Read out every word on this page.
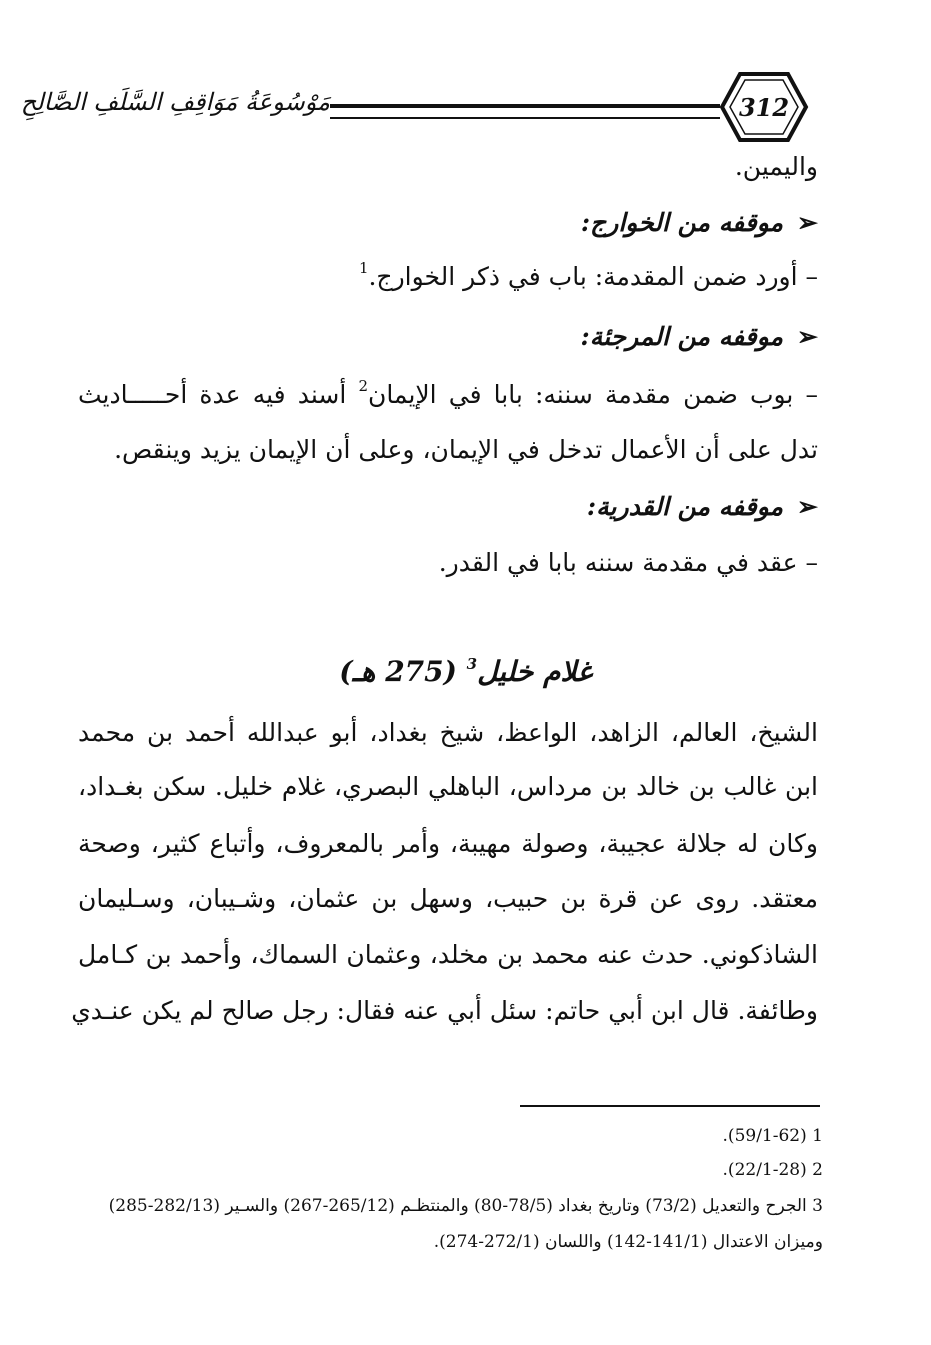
مَوْسُوعَةُ مَوَاقِفِ السَّلَفِ الصَّالِحِ	312
واليمين.
➢موقفه من الخوارج:
– أورد ضمن المقدمة: باب في ذكر الخوارج.$^1$
➢موقفه من المرجئة:
– بوب ضمن مقدمة سننه: بابا في الإيمان$^2$ أسند فيه عدة أحـــــاديث
تدل على أن الأعمال تدخل في الإيمان، وعلى أن الإيمان يزيد وينقص.
➢موقفه من القدرية:
– عقد في مقدمة سننه بابا في القدر.
غلام خليل$^3$ (275 هـ)
الشيخ، العالم، الزاهد، الواعظ، شيخ بغداد، أبو عبدالله أحمد بن محمد
ابن غالب بن خالد بن مرداس، الباهلي البصري، غلام خليل. سكن بغـداد،
وكان له جلالة عجيبة، وصولة مهيبة، وأمر بالمعروف، وأتباع كثير، وصحة
معتقد. روى عن قرة بن حبيب، وسهل بن عثمان، وشـيبان، وسـليمان
الشاذكوني. حدث عنه محمد بن مخلد، وعثمان السماك، وأحمد بن كـامل
وطائفة. قال ابن أبي حاتم: سئل أبي عنه فقال: رجل صالح لم يكن عنـدي
1 (59/1-62).
2 (22/1-28).
3 الجرح والتعديل (73/2) وتاريخ بغداد (78/5-80) والمنتظـم (265/12-267) والسـير (282/13-285)
وميزان الاعتدال (141/1-142) واللسان (272/1-274).
